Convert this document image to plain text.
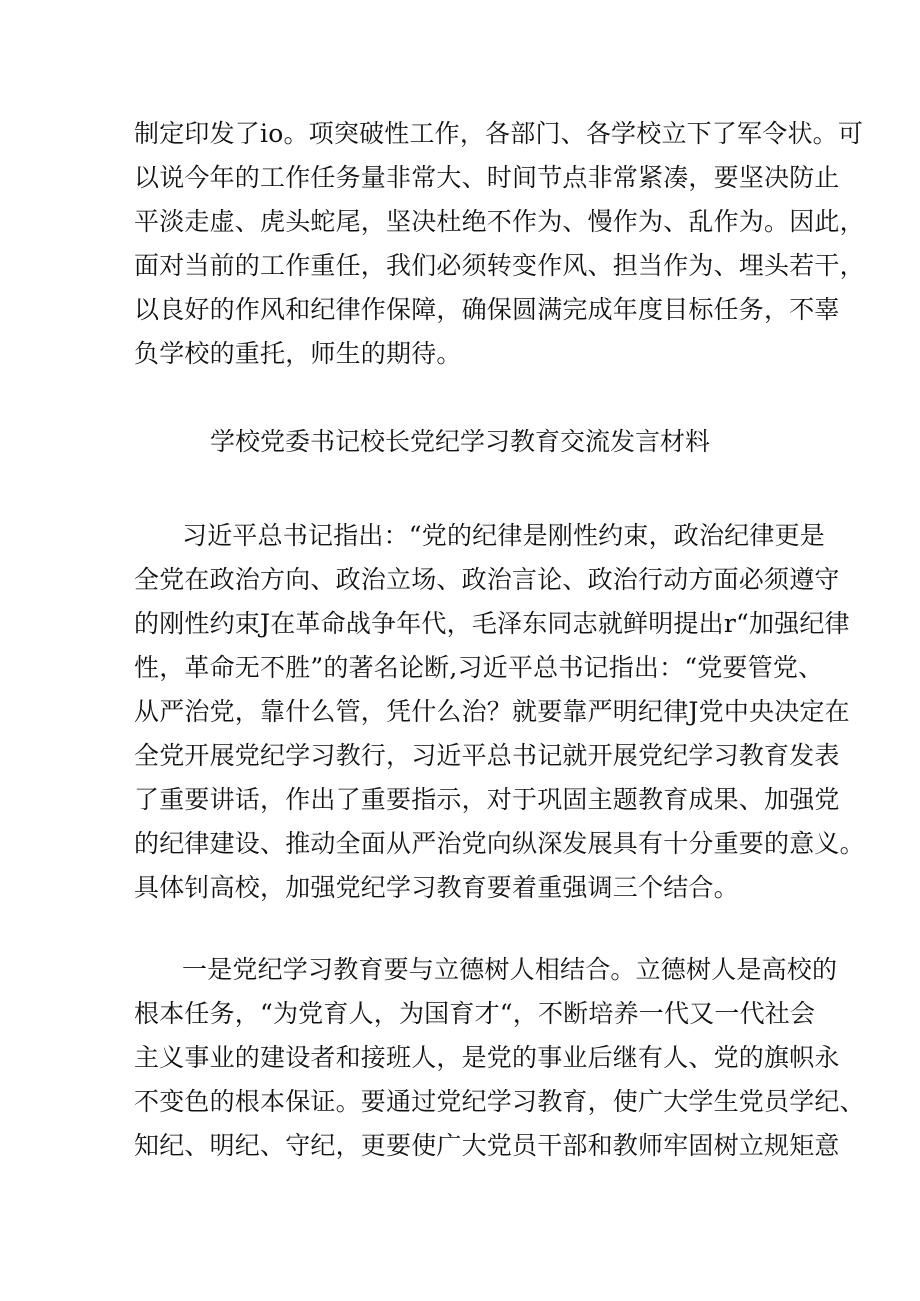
制定印发了io。项突破性工作，各部门、各学校立下了军令状。可
以说今年的工作任务量非常大、时间节点非常紧凑，要坚决防止
平淡走虚、虎头蛇尾，坚决杜绝不作为、慢作为、乱作为。因此，
面对当前的工作重任，我们必须转变作风、担当作为、埋头若干，
以良好的作风和纪律作保障，确保圆满完成年度目标任务，不辜
负学校的重托，师生的期待。
学校党委书记校长党纪学习教育交流发言材料
习近平总书记指出：“党的纪律是刚性约束，政治纪律更是
全党在政治方向、政治立场、政治言论、政治行动方面必须遵守
的刚性约束J在革命战争年代，毛泽东同志就鲜明提出r“加强纪律
性，革命无不胜”的著名论断,习近平总书记指出：“党要管党、
从严治党，靠什么管，凭什么治？就要靠严明纪律J党中央决定在
全党开展党纪学习教行，习近平总书记就开展党纪学习教育发表
了重要讲话，作出了重要指示，对于巩固主题教育成果、加强党
的纪律建设、推动全面从严治党向纵深发展具有十分重要的意义。
具体钊高校，加强党纪学习教育要着重强调三个结合。
一是党纪学习教育要与立德树人相结合。立德树人是高校的
根本任务，“为党育人，为国育才“，不断培养一代又一代社会
主义事业的建设者和接班人，是党的事业后继有人、党的旗帜永
不变色的根本保证。要通过党纪学习教育，使广大学生党员学纪、
知纪、明纪、守纪，更要使广大党员干部和教师牢固树立规矩意
